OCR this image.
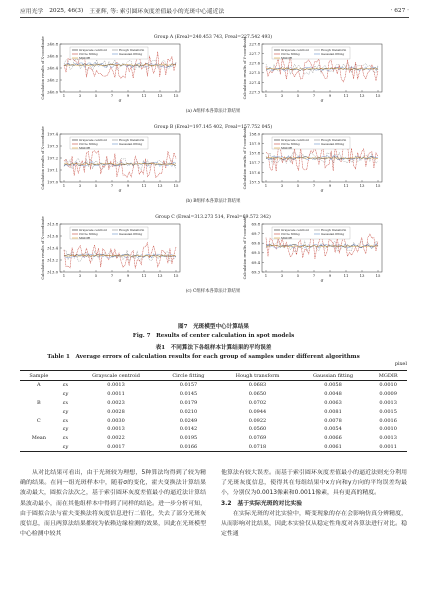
应用光学 2025, 46(3) 王亚辉, 等: 索引圆环灰度差值最小的光斑中心遥近法	· 627 ·
Group A (Ereal=240.453 743, Freal=227.542 493)
240.8
240.6
240.4
240.2
240.0
1	3	5	7	9	11	13	15
σ
Calculation results of X-coordinate	Grayscale centroid	Hough transform
Circle fitting	Gaussian fitting
MGDIR
227.8
227.7
227.6
227.5
227.4
227.3
1	3	5	7	9	11	13	15
σ
Calculation results of Y-coordinate	Grayscale centroid	Hough transform
Circle fitting	Gaussian fitting
MGDIR
(a) A组样本各算法计算结果
Group B (Ereal=197.145 402, Freal=157.752 045)
197.4
197.3
197.2
197.1
197.0
1	3	5	7	9	11	13	15
σ
Calculation results of X-coordinate	Grayscale centroid	Hough transform
Circle fitting	Gaussian fitting
MGDIR
158.0
157.9
157.8
157.7
157.6
157.5
1	3	5	7	9	11	13	15
σ
Calculation results of Y-coordinate	Grayscale centroid	Hough transform
Circle fitting	Gaussian fitting
MGDIR
(b) B组样本各算法计算结果
Group C (Ereal=313.273 514, Freal=69.572 342)
313.8
313.6
313.4
313.2
313.0
1	3	5	7	9	11	13	15
σ
Calculation results of X-coordinate	Grayscale centroid	Hough transform
Circle fitting	Gaussian fitting
MGDIR
69.8
69.7
69.6
69.5
69.4
69.3
1	3	5	7	9	11	13	15
σ
Calculation results of Y-coordinate	Grayscale centroid	Hough transform
Circle fitting	Gaussian fitting
MGDIR
(c) C组样本各算法计算结果
图7　光斑模型中心计算结果
Fig. 7　Results of center calculation in spot models
表1　不同算法下各组样本计算结果的平均误差
Table 1　Average errors of calculation results for each group of samples under different algorithms
pixel
Sample		Grayscale centroid	Circle fitting	Hough transform	Gaussian fitting	MGDIR
A	εx	0.0013	0.0157	0.0683	0.0058	0.0010
	εy	0.0011	0.0145	0.0650	0.0048	0.0009
B	εx	0.0023	0.0179	0.0702	0.0063	0.0013
	εy	0.0028	0.0210	0.0944	0.0081	0.0015
C	εx	0.0030	0.0249	0.0922	0.0078	0.0016
	εy	0.0013	0.0142	0.0560	0.0054	0.0010
Mean	εx	0.0022	0.0195	0.0769	0.0066	0.0013
	εy	0.0017	0.0166	0.0718	0.0061	0.0011

从对比结果可看出，由于光斑较为理想，5种算法均得到了较为精确的结果。在同一组光斑样本中，随着σ的变化，霍夫变换法计算结果波动最大，圆拟合法次之，基于索引圆环灰度差值最小的逼近法计算结果波动最小，而在其他组样本中得到了同样的结论。进一步分析可知，由于圆拟合法与霍夫变换法将灰度信息进行二值化，失去了部分光斑灰度信息，而且两算法结果都较为依赖边缘检测的效果，因此在光斑模型中心检测中较其

他算法有较大误差。而基于索引圆环灰度差值最小的逼近法则充分利用了光斑灰度信息，使得其在每组结果中x方向和y方向的平均误差均最小，分别仅为0.0013像素和0.0011像素，具有更高的精度。

3.2　基于实际光斑的对比实验

在实际光斑的对比实验中，畸变现象的存在会影响仿真分辨精度，从而影响对比结果，因此本实验仅从稳定性角度对各算法进行对比。稳定性通
